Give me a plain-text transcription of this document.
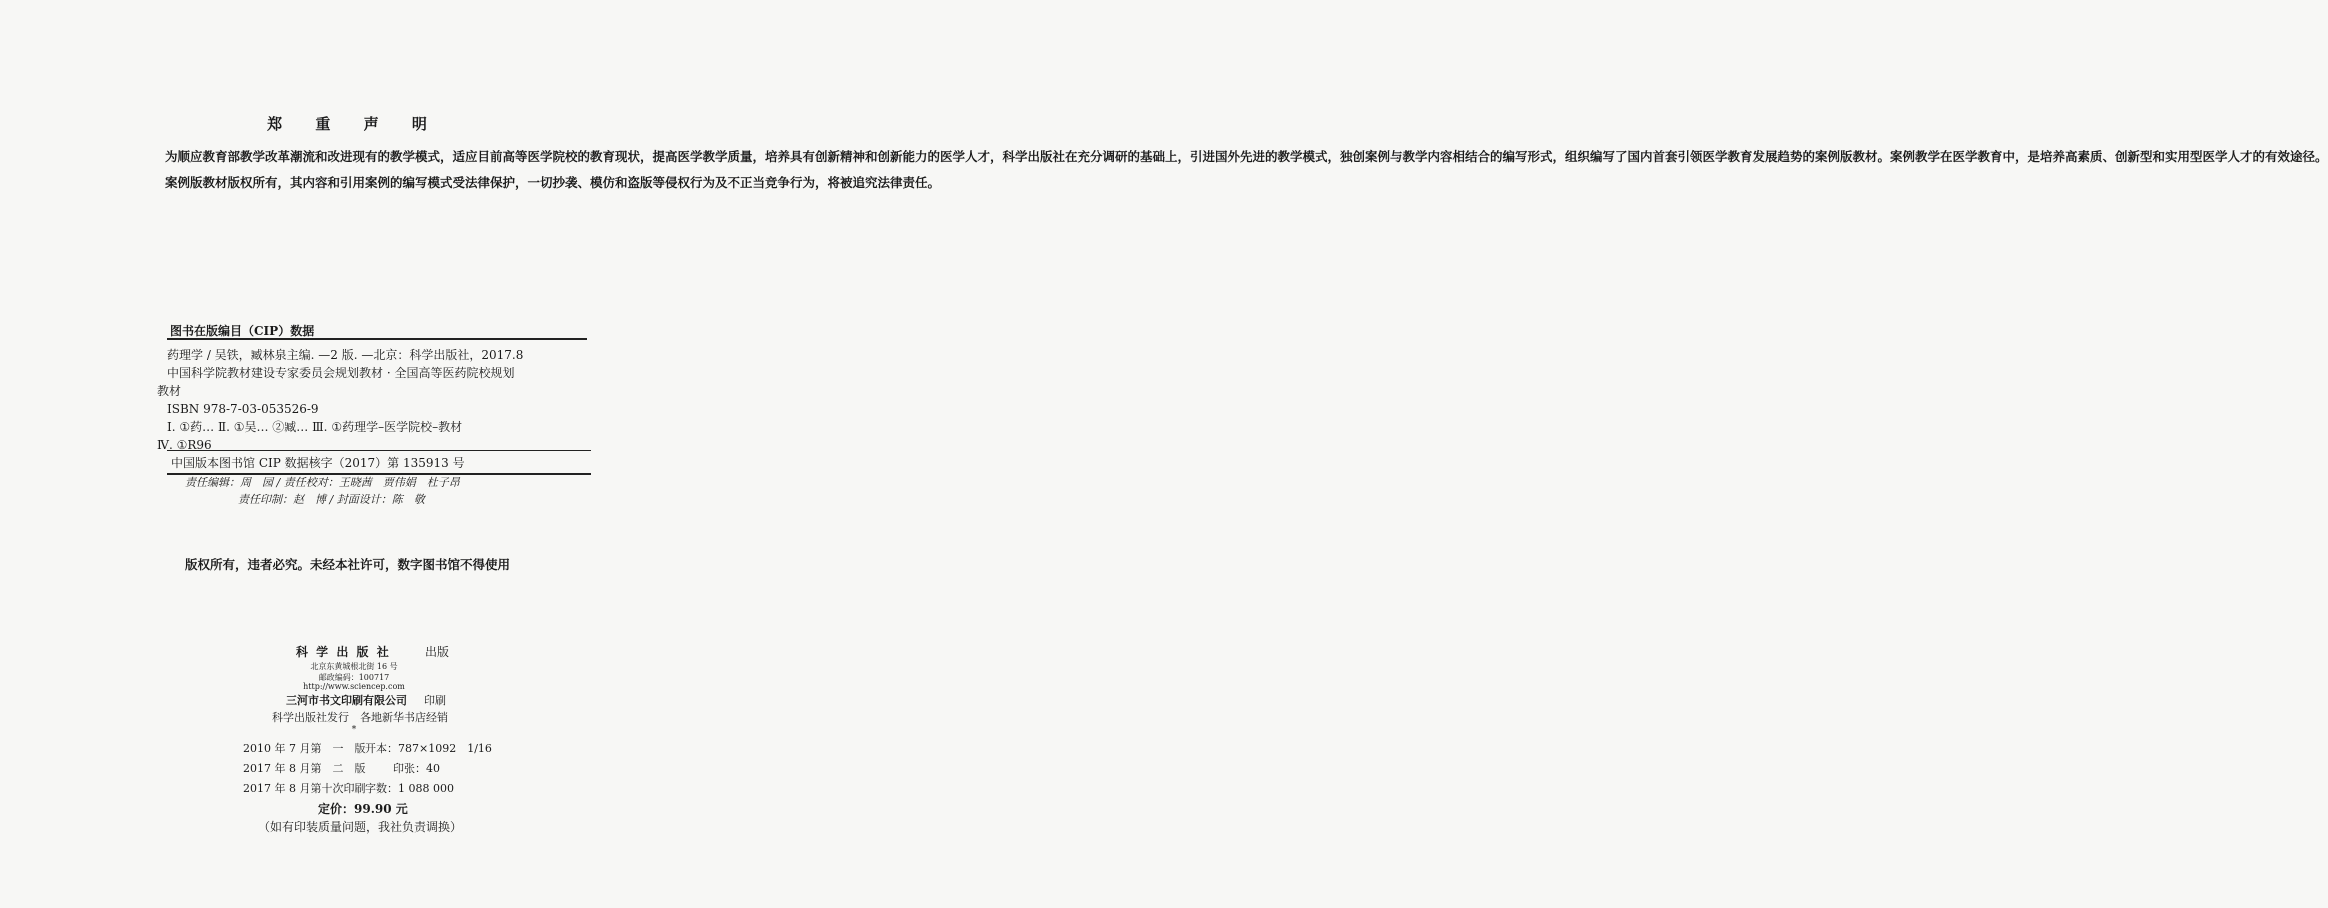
郑 重 声 明

为顺应教育部教学改革潮流和改进现有的教学模式，适应目前高等医学院校的教育现状，提高医学教学质量，培养具有创新精神和创新能力的医学人才，科学出版社在充分调研的基础上，引进国外先进的教学模式，独创案例与教学内容相结合的编写形式，组织编写了国内首套引领医学教育发展趋势的案例版教材。案例教学在医学教育中，是培养高素质、创新型和实用型医学人才的有效途径。

案例版教材版权所有，其内容和引用案例的编写模式受法律保护，一切抄袭、模仿和盗版等侵权行为及不正当竞争行为，将被追究法律责任。

图书在版编目（CIP）数据
药理学 / 吴铁，臧林泉主编. —2 版. —北京：科学出版社，2017.8
中国科学院教材建设专家委员会规划教材 · 全国高等医药院校规划
教材
ISBN 978-7-03-053526-9
Ⅰ. ①药… Ⅱ. ①吴… ②臧… Ⅲ. ①药理学–医学院校–教材
Ⅳ. ①R96
中国版本图书馆 CIP 数据核字（2017）第 135913 号
责任编辑：周　园 / 责任校对：王晓茜　贾伟娟　杜子昂
责任印制：赵　博 / 封面设计：陈　敬
版权所有，违者必究。未经本社许可，数字图书馆不得使用
科 学 出 版 社	出版
北京东黄城根北街 16 号
邮政编码：100717
http://www.sciencep.com
三河市书文印刷有限公司 印刷
科学出版社发行　各地新华书店经销
*
2010 年 7 月第　一　版 开本：787×1092　1/16
2017 年 8 月第　二　版	印张：40
2017 年 8 月第十次印刷 字数：1 088 000
定价：99.90 元
（如有印装质量问题，我社负责调换）
